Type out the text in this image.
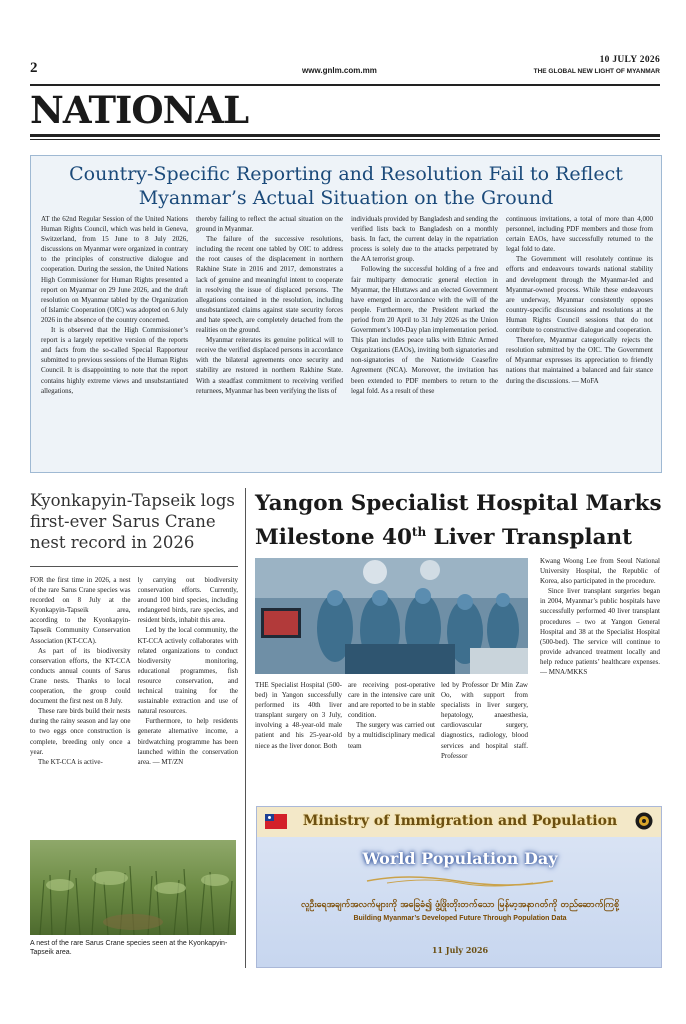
2	www.gnlm.com.mm
10 JULY 2026
THE GLOBAL NEW LIGHT OF MYANMAR
NATIONAL
Country-Specific Reporting and Resolution Fail to Reflect Myanmar’s Actual Situation on the Ground

AT the 62nd Regular Session of the United Nations Human Rights Council, which was held in Geneva, Switzerland, from 15 June to 8 July 2026, discussions on Myanmar were organized in contrary to the principles of constructive dialogue and cooperation. During the session, the United Nations High Commissioner for Human Rights presented a report on Myanmar on 29 June 2026, and the draft resolution on Myanmar tabled by the Organization of Islamic Cooperation (OIC) was adopted on 6 July 2026 in the absence of the country concerned.

It is observed that the High Commissioner’s report is a largely repetitive version of the reports and facts from the so-called Special Rapporteur submitted to previous sessions of the Human Rights Council. It is disappointing to note that the report contains highly extreme views and unsubstantiated allegations,

thereby failing to reflect the actual situation on the ground in Myanmar.

The failure of the successive resolutions, including the recent one tabled by OIC to address the root causes of the displacement in northern Rakhine State in 2016 and 2017, demonstrates a lack of genuine and meaningful intent to cooperate in resolving the issue of displaced persons. The allegations contained in the resolution, including unsubstantiated claims against state security forces and hate speech, are completely detached from the realities on the ground.

Myanmar reiterates its genuine political will to receive the verified displaced persons in accordance with the bilateral agreements once security and stability are restored in northern Rakhine State. With a steadfast commitment to receiving verified returnees, Myanmar has been verifying the lists of

individuals provided by Bangladesh and sending the verified lists back to Bangladesh on a monthly basis. In fact, the current delay in the repatriation process is solely due to the attacks perpetrated by the AA terrorist group.

Following the successful holding of a free and fair multiparty democratic general election in Myanmar, the Hluttaws and an elected Government have emerged in accordance with the will of the people. Furthermore, the President marked the period from 20 April to 31 July 2026 as the Union Government’s 100-Day plan implementation period. This plan includes peace talks with Ethnic Armed Organizations (EAOs), inviting both signatories and non-signatories of the Nationwide Ceasefire Agreement (NCA). Moreover, the invitation has been extended to PDF members to return to the legal fold. As a result of these

continuous invitations, a total of more than 4,000 personnel, including PDF members and those from certain EAOs, have successfully returned to the legal fold to date.

The Government will resolutely continue its efforts and endeavours towards national stability and development through the Myanmar-led and Myanmar-owned process. While these endeavours are underway, Myanmar consistently opposes country-specific discussions and resolutions at the Human Rights Council sessions that do not contribute to constructive dialogue and cooperation.

Therefore, Myanmar categorically rejects the resolution submitted by the OIC. The Government of Myanmar expresses its appreciation to friendly nations that maintained a balanced and fair stance during the discussions. — MoFA

Kyonkapyin-Tapseik logs first-ever Sarus Crane nest record in 2026

FOR the first time in 2026, a nest of the rare Sarus Crane species was recorded on 8 July at the Kyonkapyin-Tapseik area, according to the Kyonkapyin-Tapseik Community Conservation Association (KT-CCA).

As part of its biodiversity conservation efforts, the KT-CCA conducts annual counts of Sarus Crane nests. Thanks to local cooperation, the group could document the first nest on 8 July.

These rare birds build their nests during the rainy season and lay one to two eggs once construction is complete, breeding only once a year.

The KT-CCA is active-

ly carrying out biodiversity conservation efforts. Currently, around 100 bird species, including endangered birds, rare species, and resident birds, inhabit this area.

Led by the local community, the KT-CCA actively collaborates with related organizations to conduct biodiversity monitoring, educational programmes, fish resource conservation, and technical training for the sustainable extraction and use of natural resources.

Furthermore, to help residents generate alternative income, a birdwatching programme has been launched within the conservation area. — MT/ZN

A nest of the rare Sarus Crane species seen at the Kyonkapyin-Tapseik area.
Yangon Specialist Hospital Marks Milestone 40th Liver Transplant

THE Specialist Hospital (500-bed) in Yangon successfully performed its 40th liver transplant surgery on 3 July, involving a 48-year-old male patient and his 25-year-old niece as the liver donor. Both

are receiving post-operative care in the intensive care unit and are reported to be in stable condition.

The surgery was carried out by a multidisciplinary medical team

led by Professor Dr Min Zaw Oo, with support from specialists in liver surgery, hepatology, anaesthesia, cardiovascular surgery, diagnostics, radiology, blood services and hospital staff. Professor

Kwang Woong Lee from Seoul National University Hospital, the Republic of Korea, also participated in the procedure.

Since liver transplant surgeries began in 2004, Myanmar’s public hospitals have successfully performed 40 liver transplant procedures – two at Yangon General Hospital and 38 at the Specialist Hospital (500-bed). The service will continue to provide advanced treatment locally and help reduce patients’ healthcare expenses. — MNA/MKKS

Ministry of Immigration and Population
World Population Day
လူဦးရေအချက်အလက်များကို အခြေခံ၍ ဖွံ့ဖြိုးတိုးတက်သော မြန်မာ့အနာဂတ်ကို တည်ဆောက်ကြစို့
Building Myanmar’s Developed Future Through Population Data
11 July 2026
